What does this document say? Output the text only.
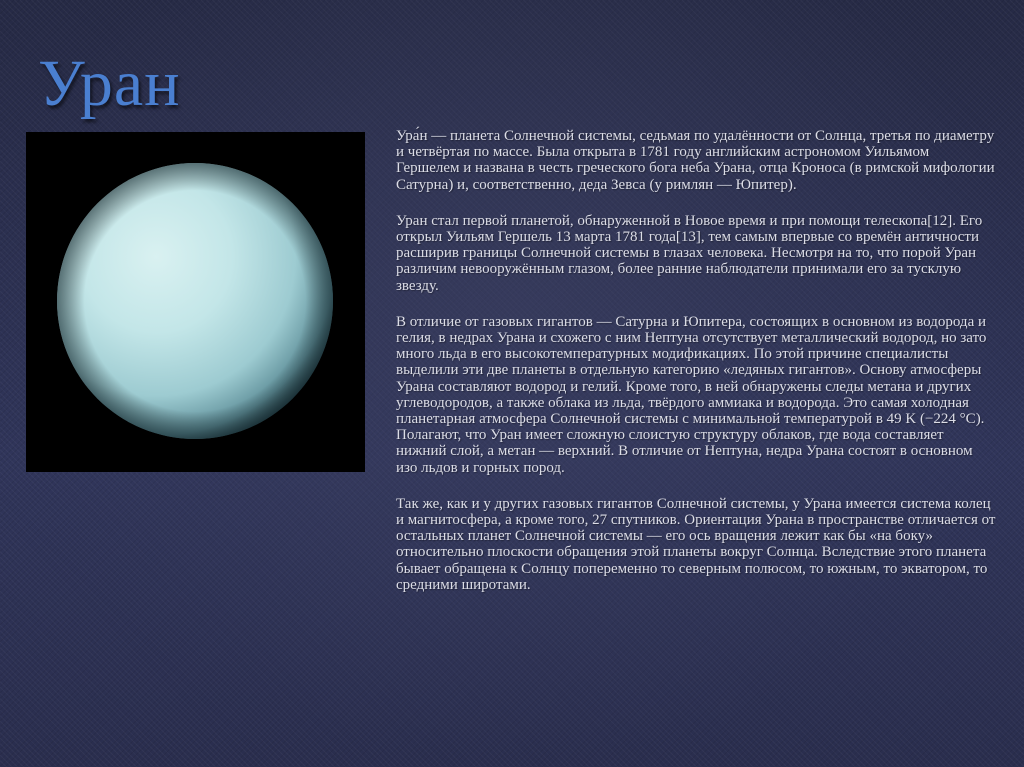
Уран

Ура́н — планета Солнечной системы, седьмая по удалённости от Солнца, третья по диаметру и четвёртая по массе. Была открыта в 1781 году английским астрономом Уильямом Гершелем и названа в честь греческого бога неба Урана, отца Кроноса (в римской мифологии Сатурна) и, соответственно, деда Зевса (у римлян — Юпитер).

Уран стал первой планетой, обнаруженной в Новое время и при помощи телескопа[12]. Его открыл Уильям Гершель 13 марта 1781 года[13], тем самым впервые со времён античности расширив границы Солнечной системы в глазах человека. Несмотря на то, что порой Уран различим невооружённым глазом, более ранние наблюдатели принимали его за тусклую звезду.

В отличие от газовых гигантов — Сатурна и Юпитера, состоящих в основном из водорода и гелия, в недрах Урана и схожего с ним Нептуна отсутствует металлический водород, но зато много льда в его высокотемпературных модификациях. По этой причине специалисты выделили эти две планеты в отдельную категорию «ледяных гигантов». Основу атмосферы Урана составляют водород и гелий. Кроме того, в ней обнаружены следы метана и других углеводородов, а также облака из льда, твёрдого аммиака и водорода. Это самая холодная планетарная атмосфера Солнечной системы с минимальной температурой в 49 K (−224 °C). Полагают, что Уран имеет сложную слоистую структуру облаков, где вода составляет нижний слой, а метан — верхний. В отличие от Нептуна, недра Урана состоят в основном изо льдов и горных пород.

Так же, как и у других газовых гигантов Солнечной системы, у Урана имеется система колец и магнитосфера, а кроме того, 27 спутников. Ориентация Урана в пространстве отличается от остальных планет Солнечной системы — его ось вращения лежит как бы «на боку» относительно плоскости обращения этой планеты вокруг Солнца. Вследствие этого планета бывает обращена к Солнцу попеременно то северным полюсом, то южным, то экватором, то средними широтами.
